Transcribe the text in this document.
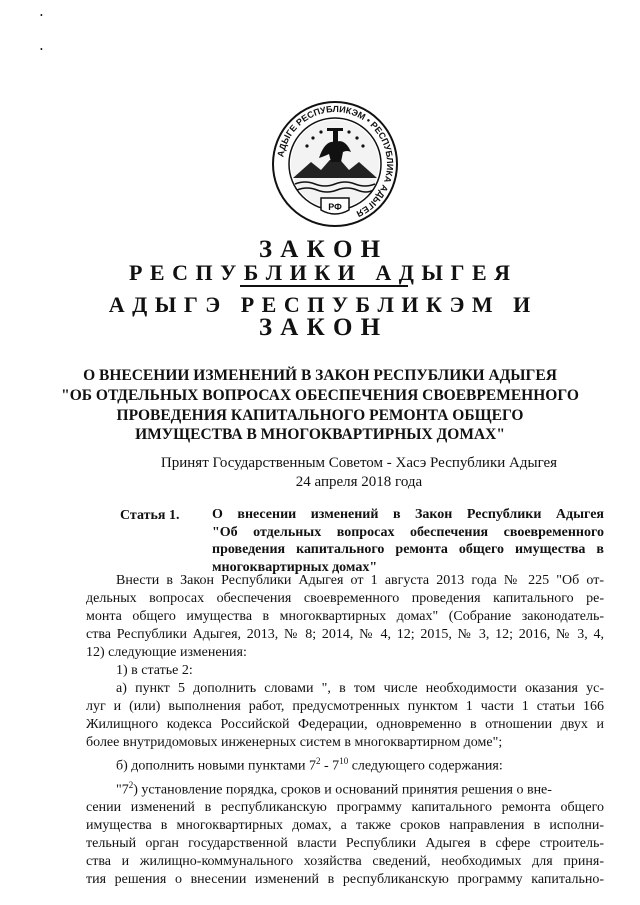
•
•
АДЫГЕ РЕСПУБЛИКЭМ • РЕСПУБЛИКА АДЫГЕЯ
РФ
З А К О Н
Р Е С П У Б Л И К И   А Д Ы Г Е Я
А Д Ы Г Э   Р Е С П У Б Л И К Э М   И
З А К О Н
О ВНЕСЕНИИ ИЗМЕНЕНИЙ В ЗАКОН РЕСПУБЛИКИ АДЫГЕЯ
"ОБ ОТДЕЛЬНЫХ ВОПРОСАХ ОБЕСПЕЧЕНИЯ СВОЕВРЕМЕННОГО
ПРОВЕДЕНИЯ КАПИТАЛЬНОГО РЕМОНТА ОБЩЕГО
ИМУЩЕСТВА В МНОГОКВАРТИРНЫХ ДОМАХ"
Принят Государственным Советом - Хасэ Республики Адыгея
24 апреля 2018 года
Статья 1. О внесении изменений в Закон Республики Адыгея
"Об отдельных вопросах обеспечения своевременного
проведения капитального ремонта общего имущества в
многоквартирных домах"
Внести в Закон Республики Адыгея от 1 августа 2013 года № 225 "Об от-
дельных вопросах обеспечения своевременного проведения капитального ре-
монта общего имущества в многоквартирных домах" (Собрание законодатель-
ства Республики Адыгея, 2013, № 8; 2014, № 4, 12; 2015, № 3, 12; 2016, № 3, 4,
12) следующие изменения:
1) в статье 2:
а) пункт 5 дополнить словами ", в том числе необходимости оказания ус-
луг и (или) выполнения работ, предусмотренных пунктом 1 части 1 статьи 166
Жилищного кодекса Российской Федерации, одновременно в отношении двух и
более внутридомовых инженерных систем в многоквартирном доме";
б) дополнить новыми пунктами $7^2 - 7^{10}$ следующего содержания:
"$7^2$) установление порядка, сроков и оснований принятия решения о вне-
сении изменений в республиканскую программу капитального ремонта общего
имущества в многоквартирных домах, а также сроков направления в исполни-
тельный орган государственной власти Республики Адыгея в сфере строитель-
ства и жилищно-коммунального хозяйства сведений, необходимых для приня-
тия решения о внесении изменений в республиканскую программу капитально-
